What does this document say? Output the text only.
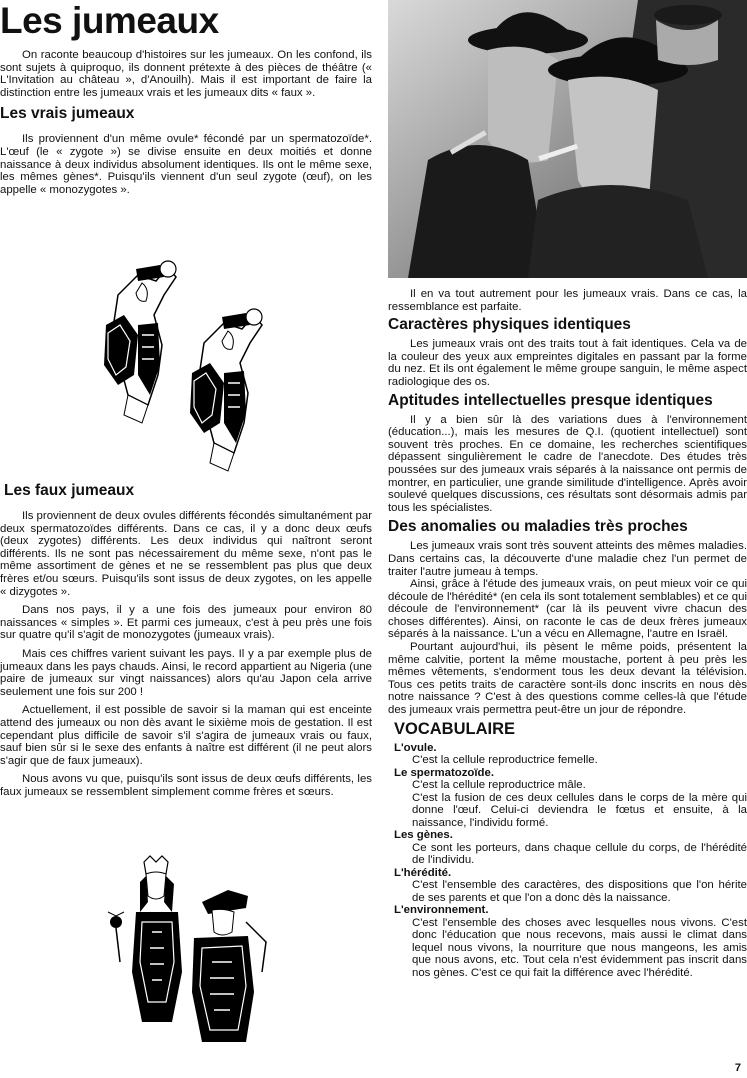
Les jumeaux

On raconte beaucoup d'histoires sur les jumeaux. On les confond, ils sont sujets à quiproquo, ils donnent prétexte à des pièces de théâtre (« L'Invitation au château », d'Anouilh). Mais il est important de faire la distinction entre les jumeaux vrais et les jumeaux dits « faux ».

Les vrais jumeaux

Ils proviennent d'un même ovule* fécondé par un spermatozoïde*. L'œuf (le « zygote ») se divise ensuite en deux moitiés et donne naissance à deux individus absolument identiques. Ils ont le même sexe, les mêmes gènes*. Puisqu'ils viennent d'un seul zygote (œuf), on les appelle « monozygotes ».

Les faux jumeaux

Ils proviennent de deux ovules différents fécondés simultanément par deux spermatozoïdes différents. Dans ce cas, il y a donc deux œufs (deux zygotes) différents. Les deux individus qui naîtront seront différents. Ils ne sont pas nécessairement du même sexe, n'ont pas le même assortiment de gènes et ne se ressemblent pas plus que deux frères et/ou sœurs. Puisqu'ils sont issus de deux zygotes, on les appelle « dizygotes ».

Dans nos pays, il y a une fois des jumeaux pour environ 80 naissances « simples ». Et parmi ces jumeaux, c'est à peu près une fois sur quatre qu'il s'agit de monozygotes (jumeaux vrais).

Mais ces chiffres varient suivant les pays. Il y a par exemple plus de jumeaux dans les pays chauds. Ainsi, le record appartient au Nigeria (une paire de jumeaux sur vingt naissances) alors qu'au Japon cela arrive seulement une fois sur 200 !

Actuellement, il est possible de savoir si la maman qui est enceinte attend des jumeaux ou non dès avant le sixième mois de gestation. Il est cependant plus difficile de savoir s'il s'agira de jumeaux vrais ou faux, sauf bien sûr si le sexe des enfants à naître est différent (il ne peut alors s'agir que de faux jumeaux).

Nous avons vu que, puisqu'ils sont issus de deux œufs différents, les faux jumeaux se ressemblent simplement comme frères et sœurs.

Il en va tout autrement pour les jumeaux vrais. Dans ce cas, la ressemblance est parfaite.

Caractères physiques identiques

Les jumeaux vrais ont des traits tout à fait identiques. Cela va de la couleur des yeux aux empreintes digitales en passant par la forme du nez. Et ils ont également le même groupe sanguin, le même aspect radiologique des os.

Aptitudes intellectuelles presque identiques

Il y a bien sûr là des variations dues à l'environnement (éducation...), mais les mesures de Q.I. (quotient intellectuel) sont souvent très proches. En ce domaine, les recherches scientifiques dépassent singulièrement le cadre de l'anecdote. Des études très poussées sur des jumeaux vrais séparés à la naissance ont permis de montrer, en particulier, une grande similitude d'intelligence. Après avoir soulevé quelques discussions, ces résultats sont désormais admis par tous les spécialistes.

Des anomalies ou maladies très proches

Les jumeaux vrais sont très souvent atteints des mêmes maladies. Dans certains cas, la découverte d'une maladie chez l'un permet de traiter l'autre jumeau à temps.

Ainsi, grâce à l'étude des jumeaux vrais, on peut mieux voir ce qui découle de l'hérédité* (en cela ils sont totalement semblables) et ce qui découle de l'environnement* (car là ils peuvent vivre chacun des choses différentes). Ainsi, on raconte le cas de deux frères jumeaux séparés à la naissance. L'un a vécu en Allemagne, l'autre en Israël.

Pourtant aujourd'hui, ils pèsent le même poids, présentent la même calvitie, portent la même moustache, portent à peu près les mêmes vêtements, s'endorment tous les deux devant la télévision. Tous ces petits traits de caractère sont-ils donc inscrits en nous dès notre naissance ? C'est à des questions comme celles-là que l'étude des jumeaux vrais permettra peut-être un jour de répondre.

VOCABULAIRE
L'ovule.
C'est la cellule reproductrice femelle.
Le spermatozoïde.
C'est la cellule reproductrice mâle.
C'est la fusion de ces deux cellules dans le corps de la mère qui donne l'œuf. Celui-ci deviendra le fœtus et ensuite, à la naissance, l'individu formé.
Les gènes.
Ce sont les porteurs, dans chaque cellule du corps, de l'hérédité de l'individu.
L'hérédité.
C'est l'ensemble des caractères, des dispositions que l'on hérite de ses parents et que l'on a donc dès la naissance.
L'environnement.
C'est l'ensemble des choses avec lesquelles nous vivons. C'est donc l'éducation que nous recevons, mais aussi le climat dans lequel nous vivons, la nourriture que nous mangeons, les amis que nous avons, etc. Tout cela n'est évidemment pas inscrit dans nos gènes. C'est ce qui fait la différence avec l'hérédité.
7
